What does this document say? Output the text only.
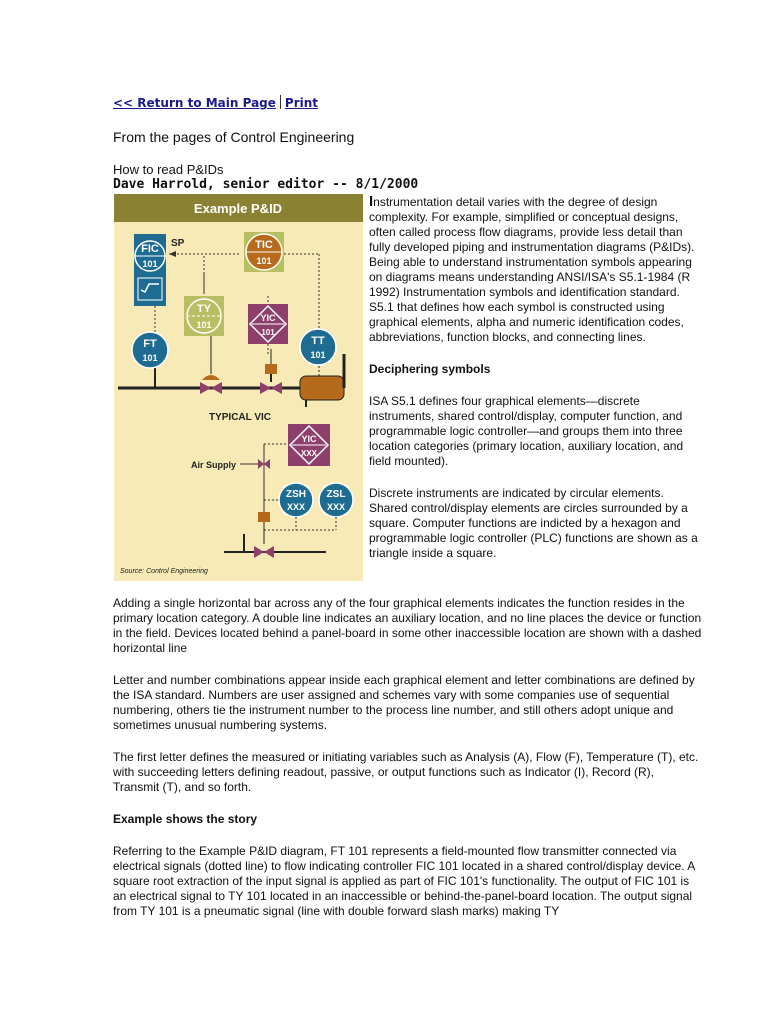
<< Return to Main Page Print
From the pages of Control Engineering
How to read P&IDs
Dave Harrold, senior editor -- 8/1/2000
Example P&ID
FIC
101
SP	TIC
101
TY
101
YIC
101
FT
101
TT
101
TYPICAL VIC
YIC
XXX
Air Supply
ZSH
XXX
ZSL
XXX
Source: Control Engineering

Instrumentation detail varies with the degree of design complexity. For example, simplified or conceptual designs, often called process flow diagrams, provide less detail than fully developed piping and instrumentation diagrams (P&IDs). Being able to understand instrumentation symbols appearing on diagrams means understanding ANSI/ISA's S5.1-1984 (R 1992) Instrumentation symbols and identification standard. S5.1 that defines how each symbol is constructed using graphical elements, alpha and numeric identification codes, abbreviations, function blocks, and connecting lines.

Deciphering symbols

ISA S5.1 defines four graphical elements—discrete instruments, shared control/display, computer function, and programmable logic controller—and groups them into three location categories (primary location, auxiliary location, and field mounted).

Discrete instruments are indicated by circular elements. Shared control/display elements are circles surrounded by a square. Computer functions are indicted by a hexagon and programmable logic controller (PLC) functions are shown as a triangle inside a square.

Adding a single horizontal bar across any of the four graphical elements indicates the function resides in the primary location category. A double line indicates an auxiliary location, and no line places the device or function in the field. Devices located behind a panel-board in some other inaccessible location are shown with a dashed horizontal line

Letter and number combinations appear inside each graphical element and letter combinations are defined by the ISA standard. Numbers are user assigned and schemes vary with some companies use of sequential numbering, others tie the instrument number to the process line number, and still others adopt unique and sometimes unusual numbering systems.

The first letter defines the measured or initiating variables such as Analysis (A), Flow (F), Temperature (T), etc. with succeeding letters defining readout, passive, or output functions such as Indicator (I), Record (R), Transmit (T), and so forth.

Example shows the story

Referring to the Example P&ID diagram, FT 101 represents a field-mounted flow transmitter connected via electrical signals (dotted line) to flow indicating controller FIC 101 located in a shared control/display device. A square root extraction of the input signal is applied as part of FIC 101's functionality. The output of FIC 101 is an electrical signal to TY 101 located in an inaccessible or behind-the-panel-board location. The output signal from TY 101 is a pneumatic signal (line with double forward slash marks) making TY
